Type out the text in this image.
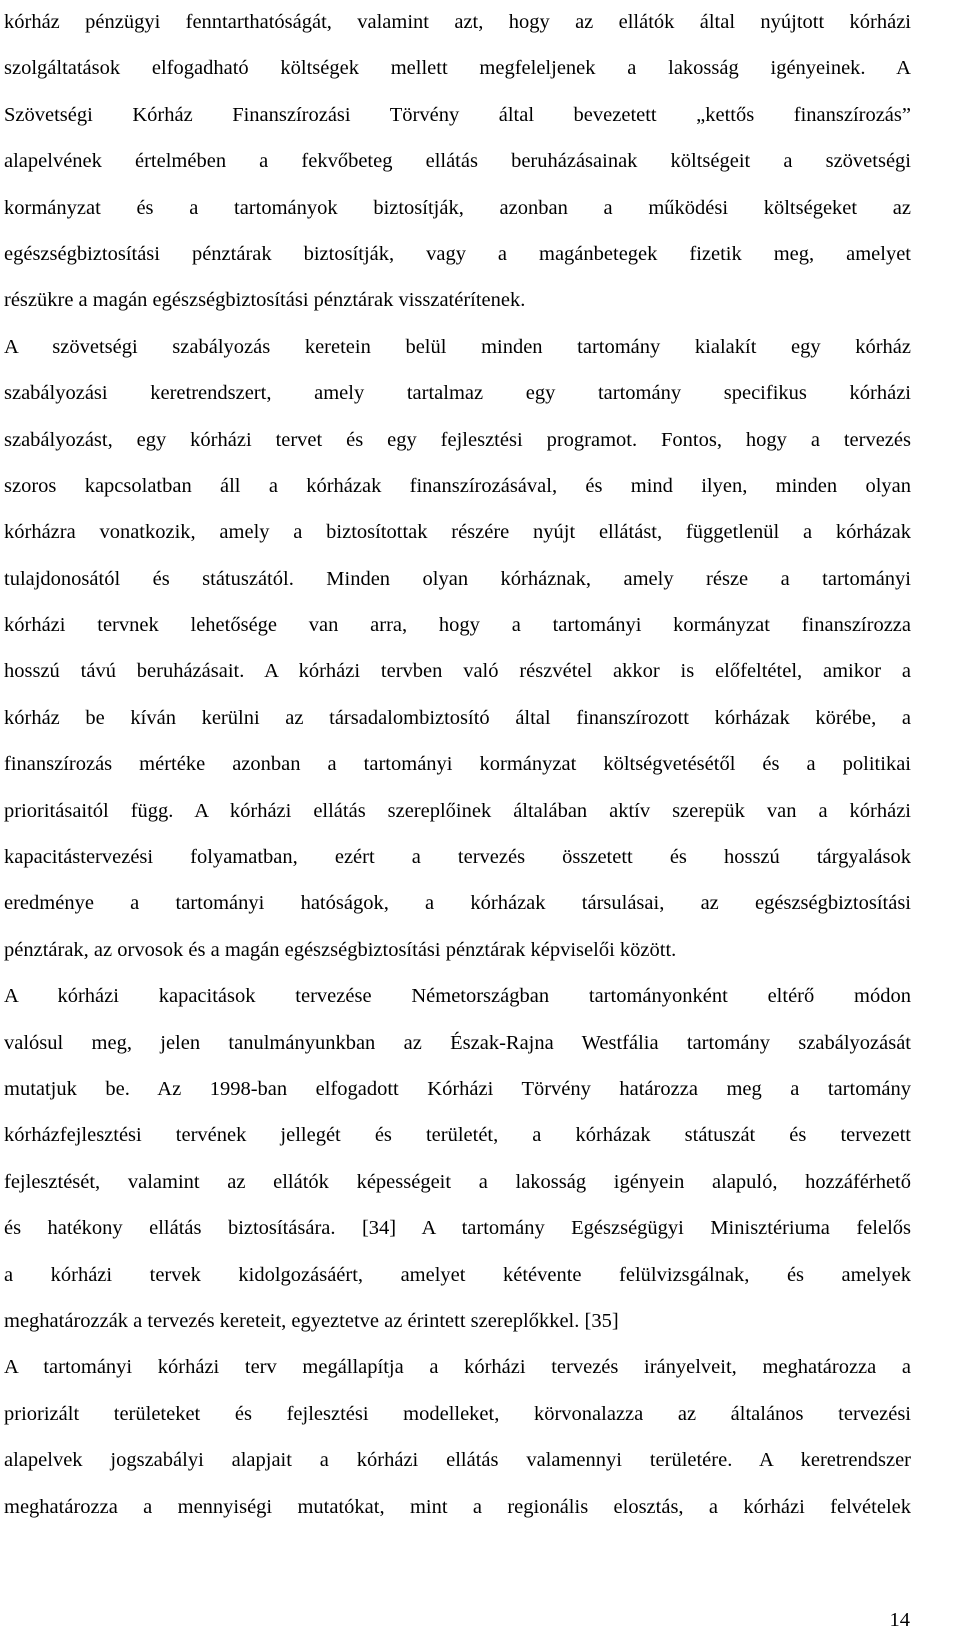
kórház pénzügyi fenntarthatóságát, valamint azt, hogy az ellátók által nyújtott kórházi
szolgáltatások elfogadható költségek mellett megfeleljenek a lakosság igényeinek. A
Szövetségi Kórház Finanszírozási Törvény által bevezetett „kettős finanszírozás”
alapelvének értelmében a fekvőbeteg ellátás beruházásainak költségeit a szövetségi
kormányzat és a tartományok biztosítják, azonban a működési költségeket az
egészségbiztosítási pénztárak biztosítják, vagy a magánbetegek fizetik meg, amelyet
részükre a magán egészségbiztosítási pénztárak visszatérítenek.
A szövetségi szabályozás keretein belül minden tartomány kialakít egy kórház
szabályozási keretrendszert, amely tartalmaz egy tartomány specifikus kórházi
szabályozást, egy kórházi tervet és egy fejlesztési programot. Fontos, hogy a tervezés
szoros kapcsolatban áll a kórházak finanszírozásával, és mind ilyen, minden olyan
kórházra vonatkozik, amely a biztosítottak részére nyújt ellátást, függetlenül a kórházak
tulajdonosától és státuszától. Minden olyan kórháznak, amely része a tartományi
kórházi tervnek lehetősége van arra, hogy a tartományi kormányzat finanszírozza
hosszú távú beruházásait. A kórházi tervben való részvétel akkor is előfeltétel, amikor a
kórház be kíván kerülni az társadalombiztosító által finanszírozott kórházak körébe, a
finanszírozás mértéke azonban a tartományi kormányzat költségvetésétől és a politikai
prioritásaitól függ. A kórházi ellátás szereplőinek általában aktív szerepük van a kórházi
kapacitástervezési folyamatban, ezért a tervezés összetett és hosszú tárgyalások
eredménye a tartományi hatóságok, a kórházak társulásai, az egészségbiztosítási
pénztárak, az orvosok és a magán egészségbiztosítási pénztárak képviselői között.
A kórházi kapacitások tervezése Németországban tartományonként eltérő módon
valósul meg, jelen tanulmányunkban az Észak-Rajna Westfália tartomány szabályozását
mutatjuk be. Az 1998-ban elfogadott Kórházi Törvény határozza meg a tartomány
kórházfejlesztési tervének jellegét és területét, a kórházak státuszát és tervezett
fejlesztését, valamint az ellátók képességeit a lakosság igényein alapuló, hozzáférhető
és hatékony ellátás biztosítására. [34] A tartomány Egészségügyi Minisztériuma felelős
a kórházi tervek kidolgozásáért, amelyet kétévente felülvizsgálnak, és amelyek
meghatározzák a tervezés kereteit, egyeztetve az érintett szereplőkkel. [35]
A tartományi kórházi terv megállapítja a kórházi tervezés irányelveit, meghatározza a
priorizált területeket és fejlesztési modelleket, körvonalazza az általános tervezési
alapelvek jogszabályi alapjait a kórházi ellátás valamennyi területére. A keretrendszer
meghatározza a mennyiségi mutatókat, mint a regionális elosztás, a kórházi felvételek
14
